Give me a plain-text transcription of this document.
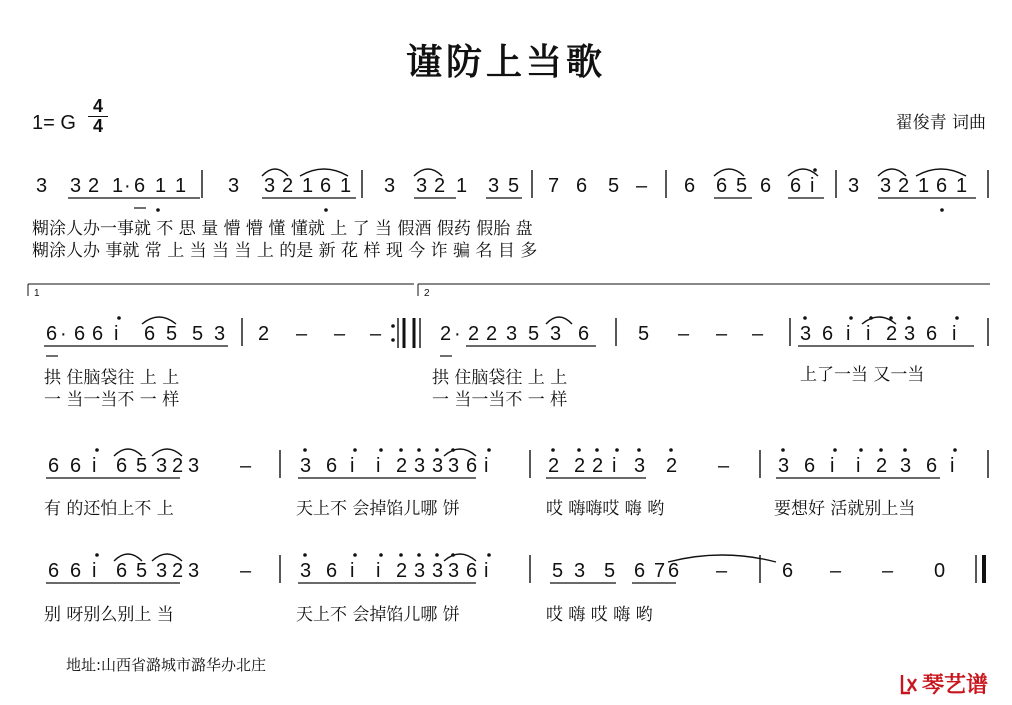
谨防上当歌
1= G
4
4	翟俊青 词曲
3 3 2 1 · 6 1 1 3 3 2 1 6 1 3 3 2 1 3 5 7 6 5 – 6 6 5 6 6 i 3 3 2 1 6 1
1	2
6 · 6 6 i 6 5 5 3 2 – – –	2 · 2 2 3 5 3 6 5 – – – 3 6 i i 2 3 6 i
6 6 i 6 5 3 2 3 – 3 6 i i 2 3 3 3 6 i	2 2 2 i 3 2 – 3 6 i i 2 3 6 i
6 6 i 6 5 3 2 3 – 3 6 i i 2 3 3 3 6 i	5 3 5 6 7 6 –	6 – – 0
糊涂人办一事就 不 思 量 懵 懵 懂 懂就 上 了 当 假酒 假药 假胎 盘
糊涂人办 事就 常 上 当 当 当 上 的是 新 花 样 现 今 诈 骗 名 目 多
拱 住脑袋往 上 上
一 当一当不 一 样
拱 住脑袋往 上 上
一 当一当不 一 样
上了一当 又一当
有 的还怕上不 上	天上不 会掉馅儿哪 饼	哎 嗨嗨哎 嗨 哟	要想好 活就别上当
别 呀别么别上 当	天上不 会掉馅儿哪 饼	哎 嗨 哎 嗨 哟
地址:山西省潞城市潞华办北庄
琴艺谱
